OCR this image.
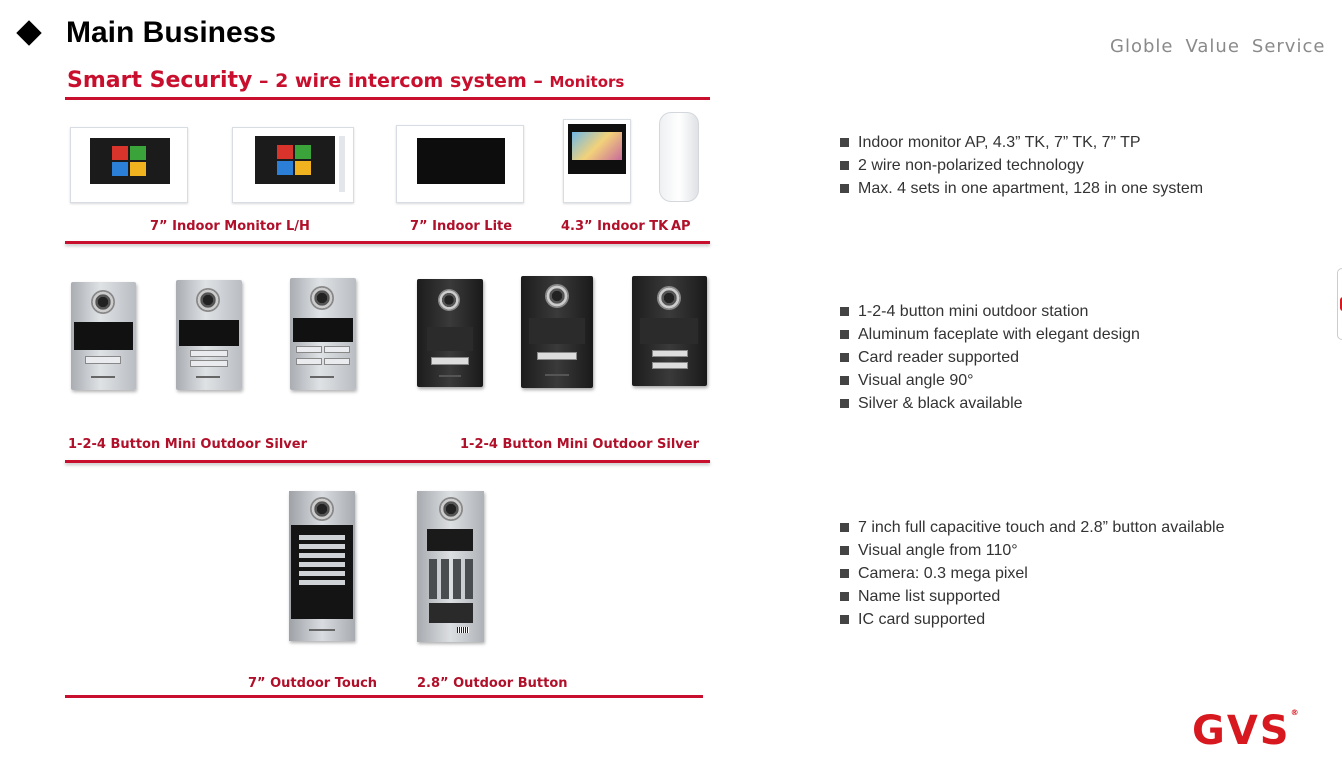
Main Business	Globle Value Service
Smart Security – 2 wire intercom system – Monitors
7” Indoor Monitor L/H	7” Indoor Lite	4.3” Indoor TK AP
1-2-4 Button Mini Outdoor Silver	1-2-4 Button Mini Outdoor Silver
7” Outdoor Touch	2.8” Outdoor Button
Indoor monitor AP, 4.3” TK, 7” TK, 7” TP
2 wire non-polarized technology
Max. 4 sets in one apartment, 128 in one system
1-2-4 button mini outdoor station
Aluminum faceplate with elegant design
Card reader supported
Visual angle 90°
Silver & black available
7 inch full capacitive touch and 2.8” button available
Visual angle from 110°
Camera: 0.3 mega pixel
Name list supported
IC card supported
GVS®
